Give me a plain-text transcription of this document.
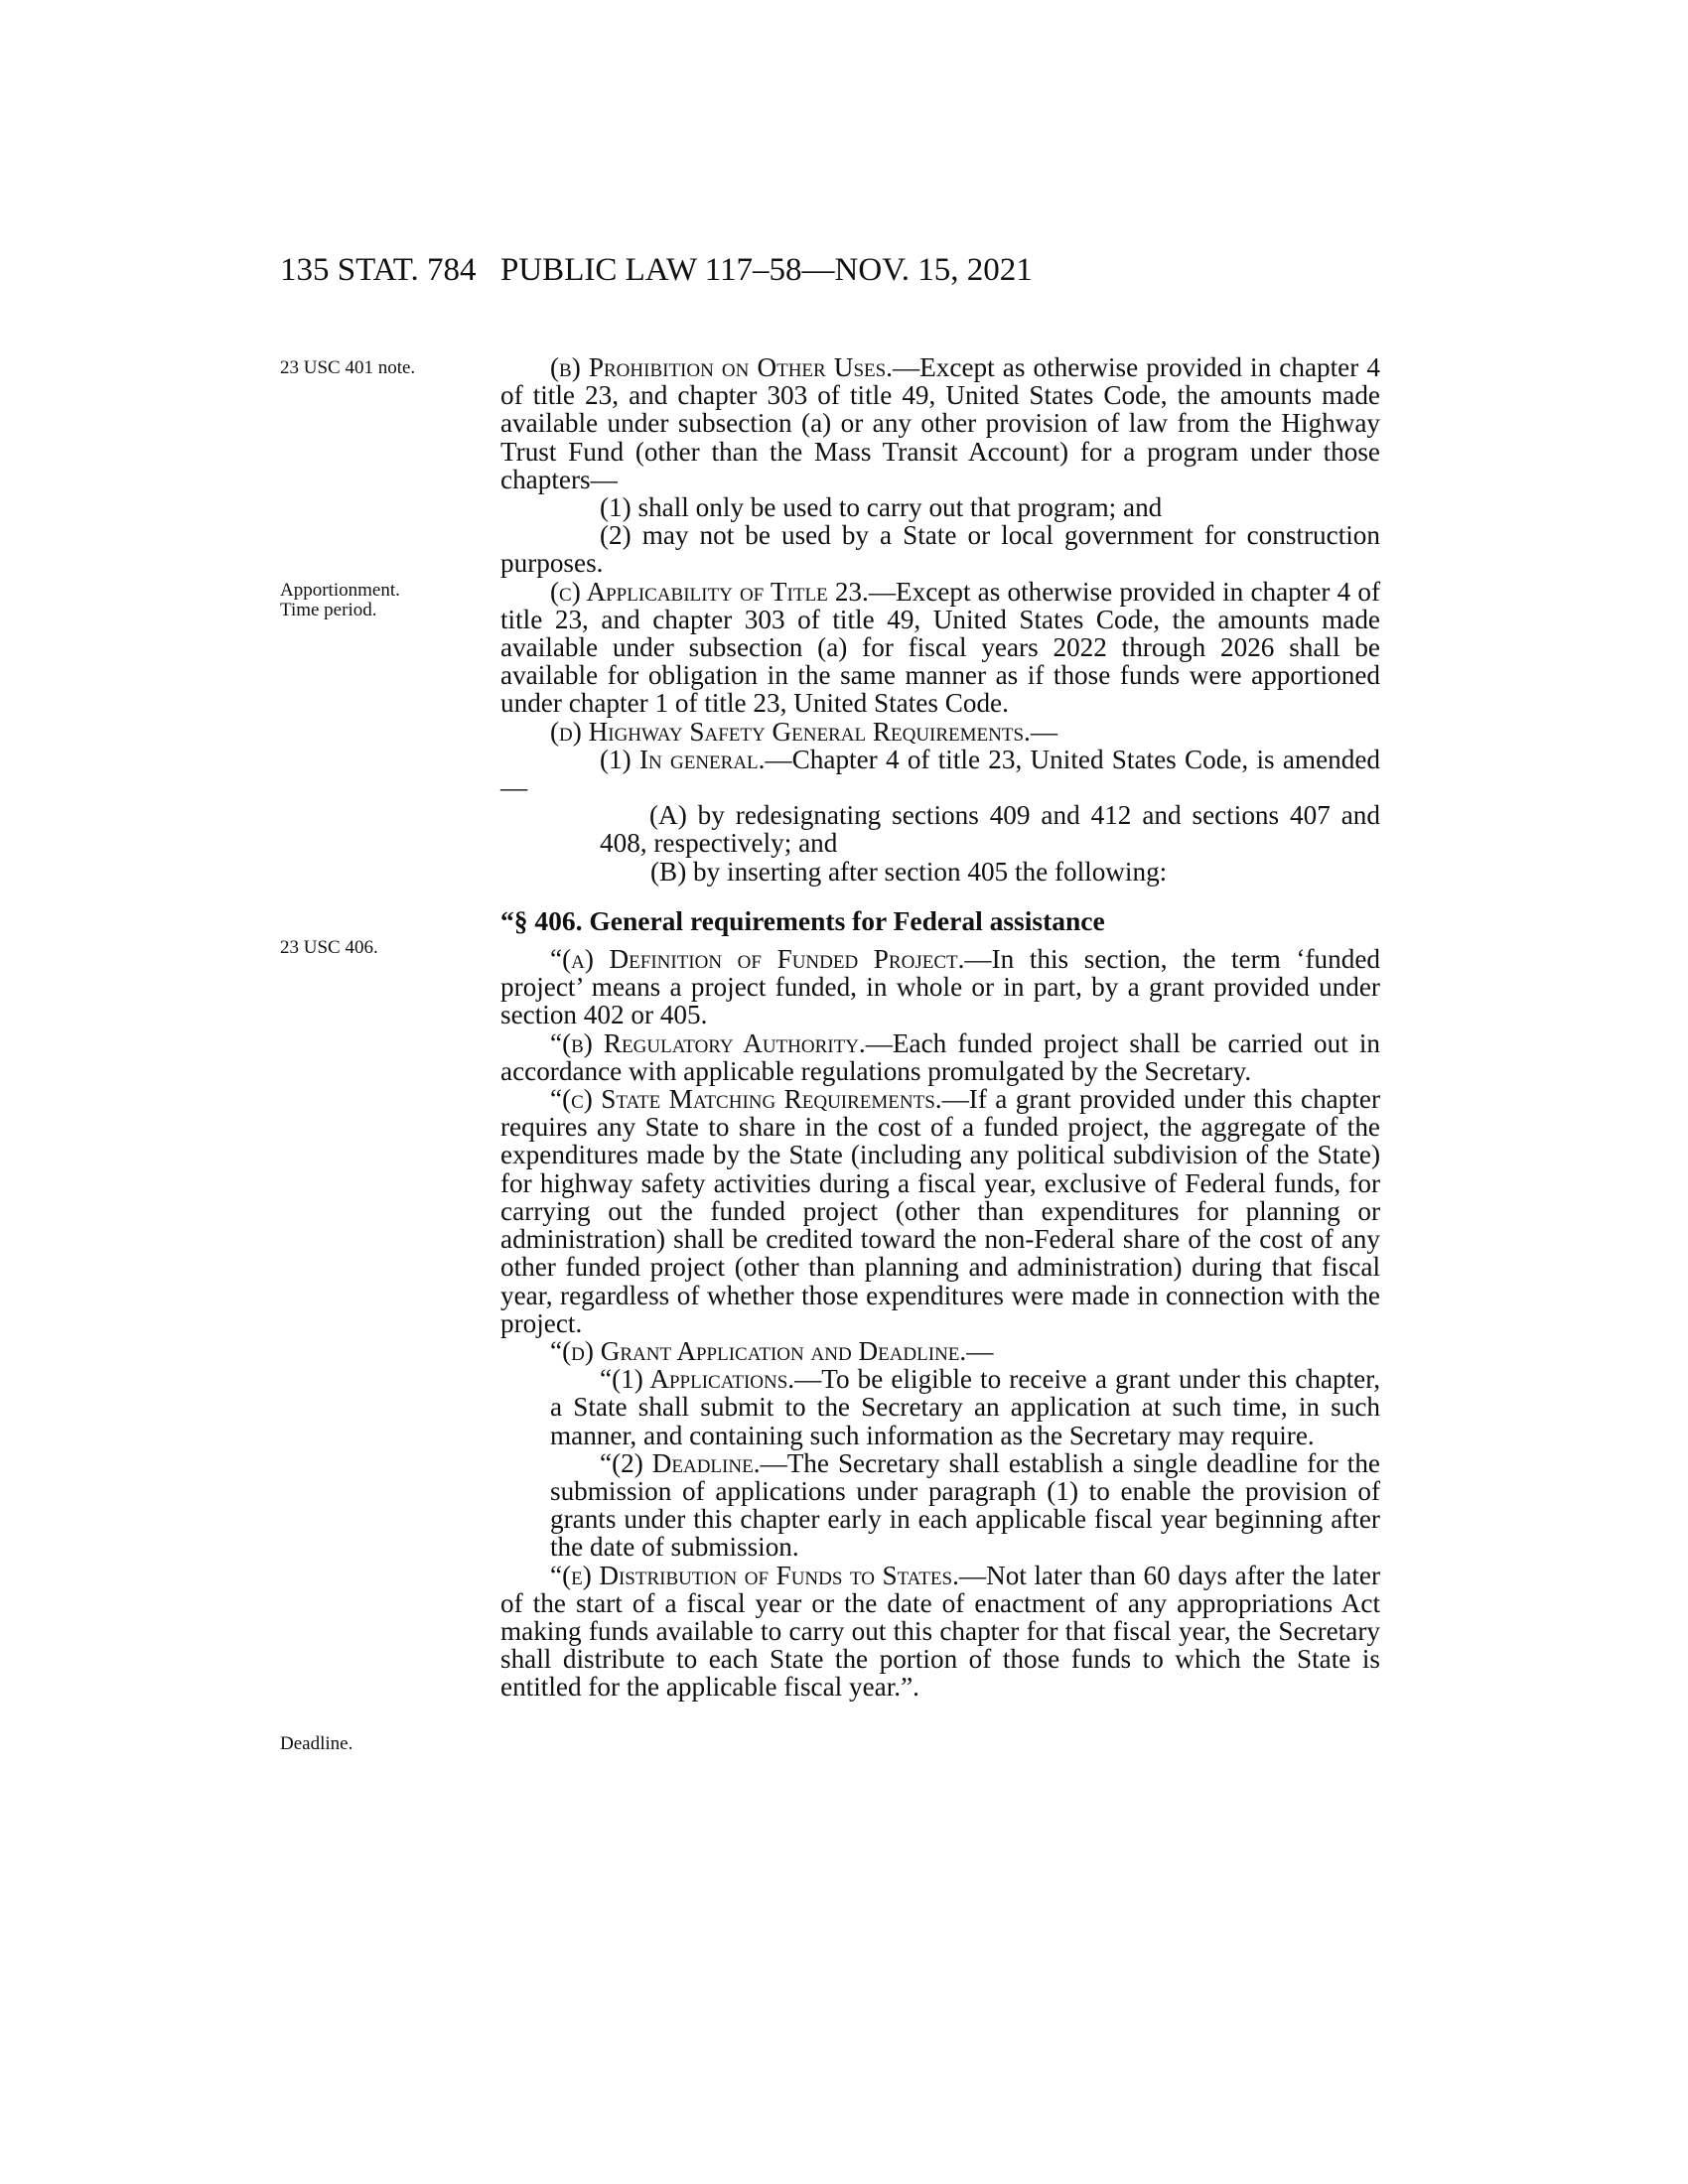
135 STAT. 784 PUBLIC LAW 117–58—NOV. 15, 2021
23 USC 401 note.
Apportionment.
Time period.
23 USC 406.
Deadline.

(b) Prohibition on Other Uses.—Except as otherwise provided in chapter 4 of title 23, and chapter 303 of title 49, United States Code, the amounts made available under subsection (a) or any other provision of law from the Highway Trust Fund (other than the Mass Transit Account) for a program under those chapters—

(1) shall only be used to carry out that program; and

(2) may not be used by a State or local government for construction purposes.

(c) Applicability of Title 23.—Except as otherwise provided in chapter 4 of title 23, and chapter 303 of title 49, United States Code, the amounts made available under subsection (a) for fiscal years 2022 through 2026 shall be available for obligation in the same manner as if those funds were apportioned under chapter 1 of title 23, United States Code.

(d) Highway Safety General Requirements.—

(1) In general.—Chapter 4 of title 23, United States Code, is amended—

(A) by redesignating sections 409 and 412 and sections 407 and 408, respectively; and

(B) by inserting after section 405 the following:

“§ 406. General requirements for Federal assistance

“(a) Definition of Funded Project.—In this section, the term ‘funded project’ means a project funded, in whole or in part, by a grant provided under section 402 or 405.

“(b) Regulatory Authority.—Each funded project shall be carried out in accordance with applicable regulations promulgated by the Secretary.

“(c) State Matching Requirements.—If a grant provided under this chapter requires any State to share in the cost of a funded project, the aggregate of the expenditures made by the State (including any political subdivision of the State) for highway safety activities during a fiscal year, exclusive of Federal funds, for carrying out the funded project (other than expenditures for planning or administration) shall be credited toward the non-Federal share of the cost of any other funded project (other than planning and administration) during that fiscal year, regardless of whether those expenditures were made in connection with the project.

“(d) Grant Application and Deadline.—

“(1) Applications.—To be eligible to receive a grant under this chapter, a State shall submit to the Secretary an application at such time, in such manner, and containing such information as the Secretary may require.

“(2) Deadline.—The Secretary shall establish a single deadline for the submission of applications under paragraph (1) to enable the provision of grants under this chapter early in each applicable fiscal year beginning after the date of submission.

“(e) Distribution of Funds to States.—Not later than 60 days after the later of the start of a fiscal year or the date of enactment of any appropriations Act making funds available to carry out this chapter for that fiscal year, the Secretary shall distribute to each State the portion of those funds to which the State is entitled for the applicable fiscal year.”.
